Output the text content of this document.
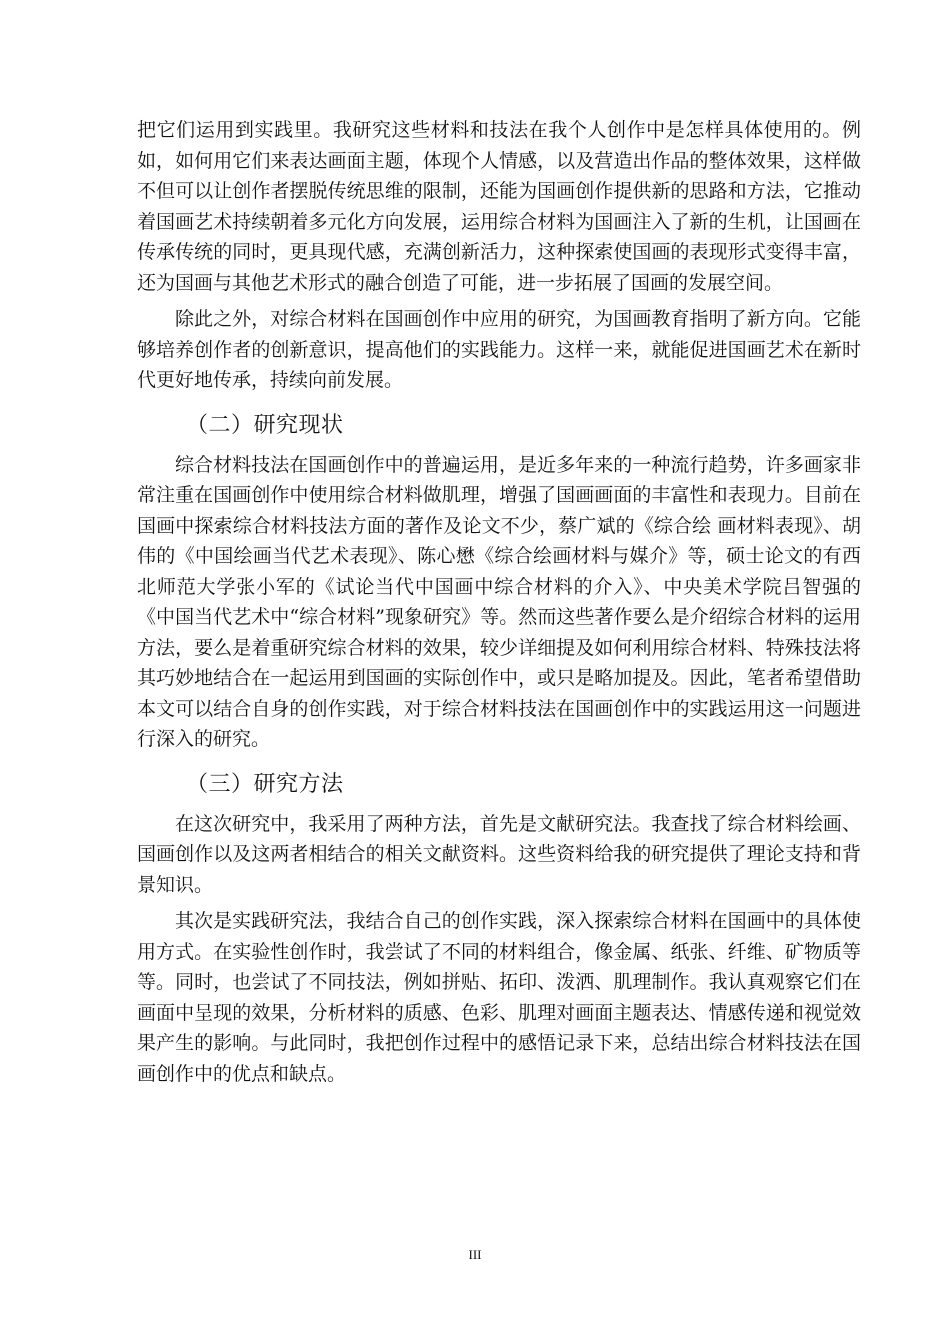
把它们运用到实践里。我研究这些材料和技法在我个人创作中是怎样具体使用的。例如，如何用它们来表达画面主题，体现个人情感，以及营造出作品的整体效果，这样做不但可以让创作者摆脱传统思维的限制，还能为国画创作提供新的思路和方法，它推动着国画艺术持续朝着多元化方向发展，运用综合材料为国画注入了新的生机，让国画在传承传统的同时，更具现代感，充满创新活力，这种探索使国画的表现形式变得丰富，还为国画与其他艺术形式的融合创造了可能，进一步拓展了国画的发展空间。

除此之外，对综合材料在国画创作中应用的研究，为国画教育指明了新方向。它能够培养创作者的创新意识，提高他们的实践能力。这样一来，就能促进国画艺术在新时代更好地传承，持续向前发展。

（二）研究现状

综合材料技法在国画创作中的普遍运用，是近多年来的一种流行趋势，许多画家非常注重在国画创作中使用综合材料做肌理，增强了国画画面的丰富性和表现力。目前在国画中探索综合材料技法方面的著作及论文不少，蔡广斌的《综合绘 画材料表现》、胡伟的《中国绘画当代艺术表现》、陈心懋《综合绘画材料与媒介》等，硕士论文的有西北师范大学张小军的《试论当代中国画中综合材料的介入》、中央美术学院吕智强的《中国当代艺术中“综合材料”现象研究》等。然而这些著作要么是介绍综合材料的运用方法，要么是着重研究综合材料的效果，较少详细提及如何利用综合材料、特殊技法将其巧妙地结合在一起运用到国画的实际创作中，或只是略加提及。因此，笔者希望借助本文可以结合自身的创作实践，对于综合材料技法在国画创作中的实践运用这一问题进行深入的研究。

（三）研究方法

在这次研究中，我采用了两种方法，首先是文献研究法。我查找了综合材料绘画、国画创作以及这两者相结合的相关文献资料。这些资料给我的研究提供了理论支持和背景知识。

其次是实践研究法，我结合自己的创作实践，深入探索综合材料在国画中的具体使用方式。在实验性创作时，我尝试了不同的材料组合，像金属、纸张、纤维、矿物质等等。同时，也尝试了不同技法，例如拼贴、拓印、泼洒、肌理制作。我认真观察它们在画面中呈现的效果，分析材料的质感、色彩、肌理对画面主题表达、情感传递和视觉效果产生的影响。与此同时，我把创作过程中的感悟记录下来，总结出综合材料技法在国画创作中的优点和缺点。

III
